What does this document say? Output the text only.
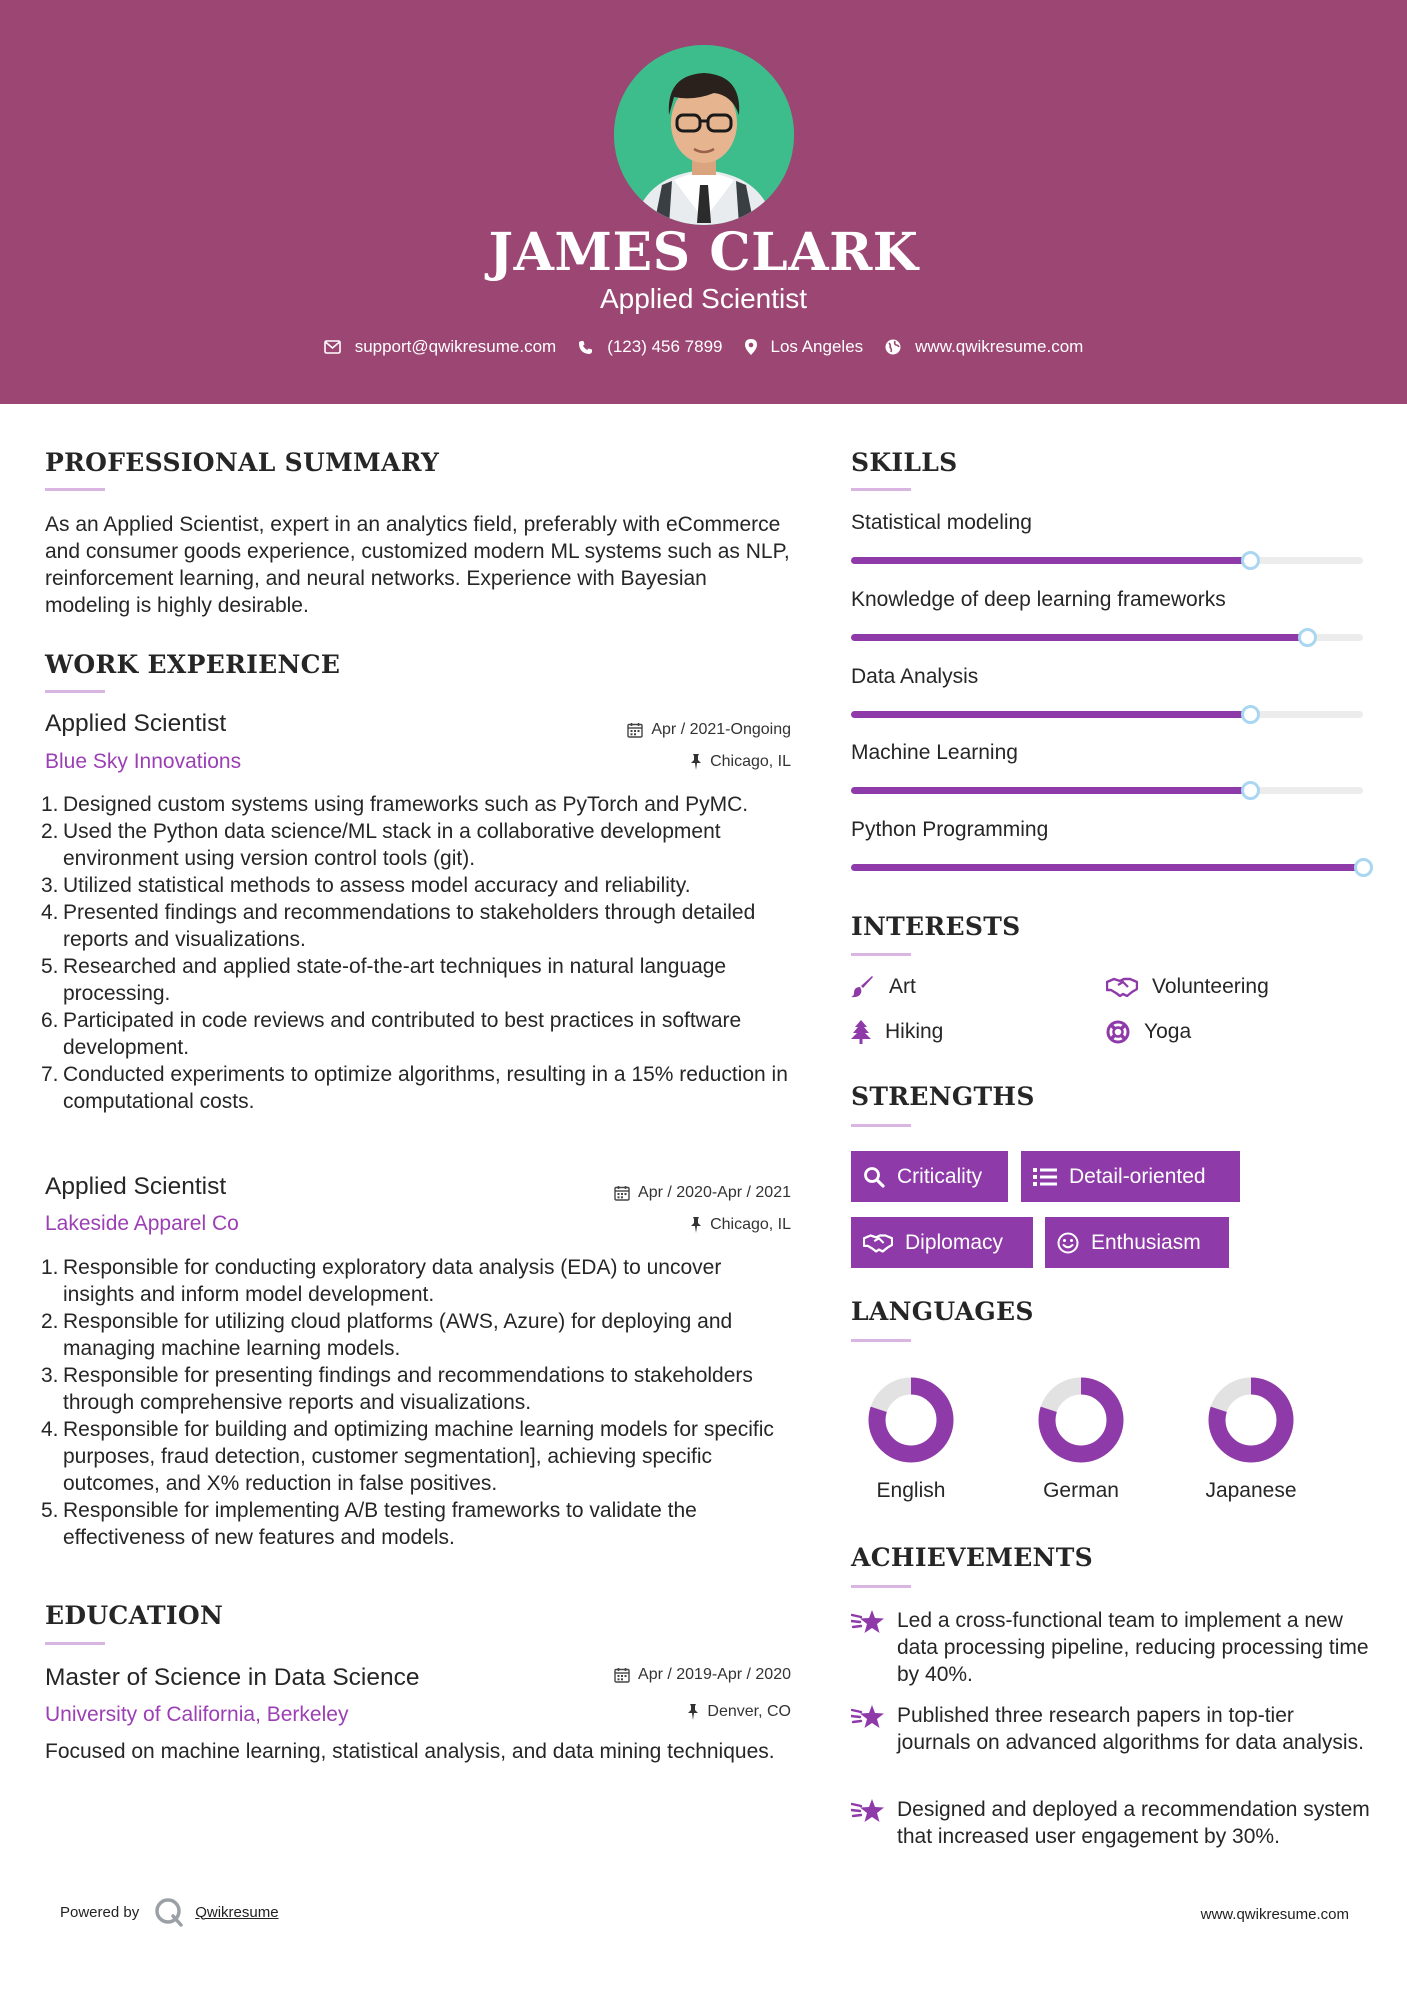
JAMES CLARK
Applied Scientist
support@qwikresume.com	(123) 456 7899	Los Angeles	www.qwikresume.com
PROFESSIONAL SUMMARY
As an Applied Scientist, expert in an analytics field, preferably with eCommerce and consumer goods experience, customized modern ML systems such as NLP, reinforcement learning, and neural networks. Experience with Bayesian modeling is highly desirable.
WORK EXPERIENCE
Applied Scientist
Blue Sky Innovations
Apr / 2021-Ongoing
Chicago, IL
1. Designed custom systems using frameworks such as PyTorch and PyMC.
2. Used the Python data science/ML stack in a collaborative development environment using version control tools (git).
3. Utilized statistical methods to assess model accuracy and reliability.
4. Presented findings and recommendations to stakeholders through detailed reports and visualizations.
5. Researched and applied state-of-the-art techniques in natural language processing.
6. Participated in code reviews and contributed to best practices in software development.
7. Conducted experiments to optimize algorithms, resulting in a 15% reduction in computational costs.
Applied Scientist
Lakeside Apparel Co
Apr / 2020-Apr / 2021
Chicago, IL
1. Responsible for conducting exploratory data analysis (EDA) to uncover insights and inform model development.
2. Responsible for utilizing cloud platforms (AWS, Azure) for deploying and managing machine learning models.
3. Responsible for presenting findings and recommendations to stakeholders through comprehensive reports and visualizations.
4. Responsible for building and optimizing machine learning models for specific purposes, fraud detection, customer segmentation], achieving specific outcomes, and X% reduction in false positives.
5. Responsible for implementing A/B testing frameworks to validate the effectiveness of new features and models.
EDUCATION
Master of Science in Data Science
University of California, Berkeley
Apr / 2019-Apr / 2020
Denver, CO
Focused on machine learning, statistical analysis, and data mining techniques.
SKILLS
Statistical modeling
Knowledge of deep learning frameworks
Data Analysis
Machine Learning
Python Programming
INTERESTS
Art	Volunteering
Hiking	Yoga
STRENGTHS
Criticality	Detail-oriented
Diplomacy	Enthusiasm
LANGUAGES
English	German	Japanese
ACHIEVEMENTS
Led a cross-functional team to implement a new data processing pipeline, reducing processing time by 40%.
Published three research papers in top-tier journals on advanced algorithms for data analysis.
Designed and deployed a recommendation system that increased user engagement by 30%.
Powered by	Qwikresume	www.qwikresume.com
